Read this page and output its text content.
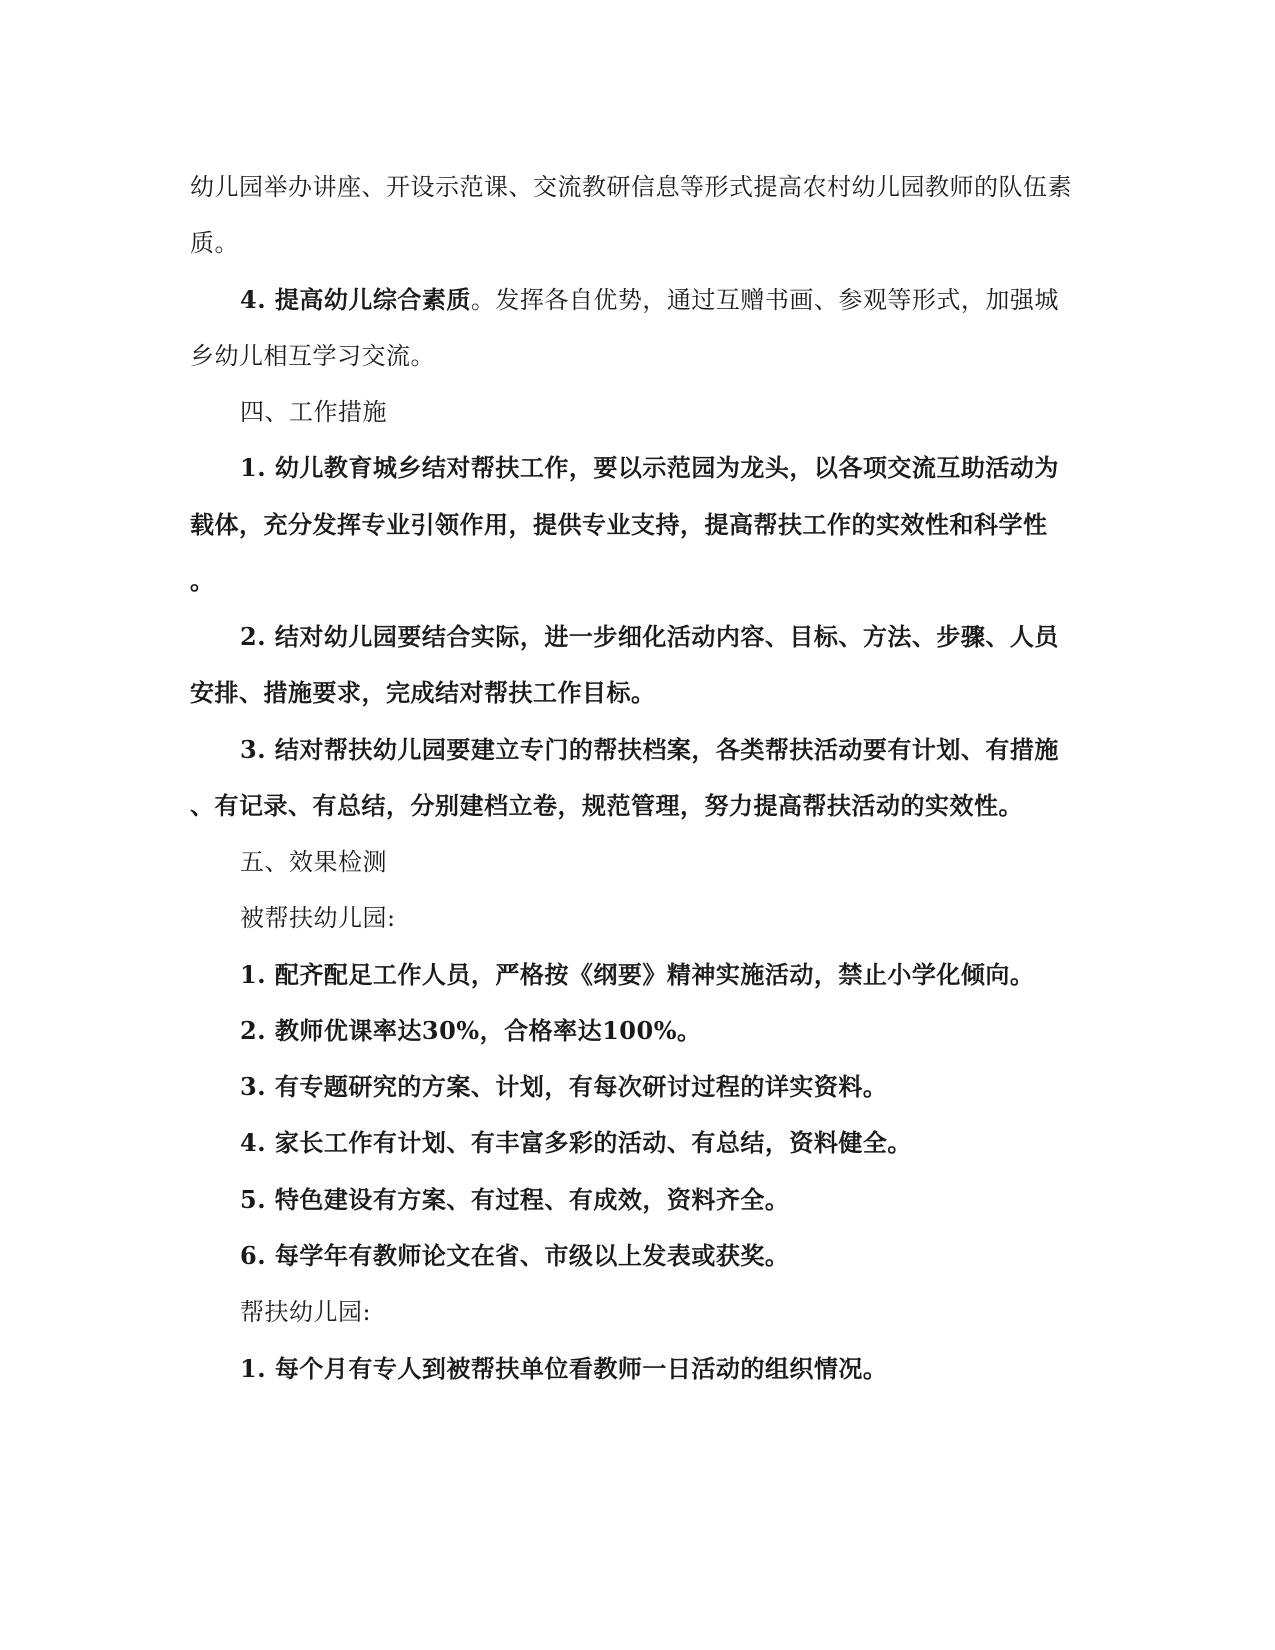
幼儿园举办讲座、开设示范课、交流教研信息等形式提高农村幼儿园教师的队伍素
质。
4. 提高幼儿综合素质。发挥各自优势，通过互赠书画、参观等形式，加强城
乡幼儿相互学习交流。
四、工作措施
1. 幼儿教育城乡结对帮扶工作，要以示范园为龙头，以各项交流互助活动为
载体，充分发挥专业引领作用，提供专业支持，提高帮扶工作的实效性和科学性
。
2. 结对幼儿园要结合实际，进一步细化活动内容、目标、方法、步骤、人员
安排、措施要求，完成结对帮扶工作目标。
3. 结对帮扶幼儿园要建立专门的帮扶档案，各类帮扶活动要有计划、有措施
、有记录、有总结，分别建档立卷，规范管理，努力提高帮扶活动的实效性。
五、效果检测
被帮扶幼儿园:
1. 配齐配足工作人员，严格按《纲要》精神实施活动，禁止小学化倾向。
2. 教师优课率达30%，合格率达100%。
3. 有专题研究的方案、计划，有每次研讨过程的详实资料。
4. 家长工作有计划、有丰富多彩的活动、有总结，资料健全。
5. 特色建设有方案、有过程、有成效，资料齐全。
6. 每学年有教师论文在省、市级以上发表或获奖。
帮扶幼儿园:
1. 每个月有专人到被帮扶单位看教师一日活动的组织情况。
